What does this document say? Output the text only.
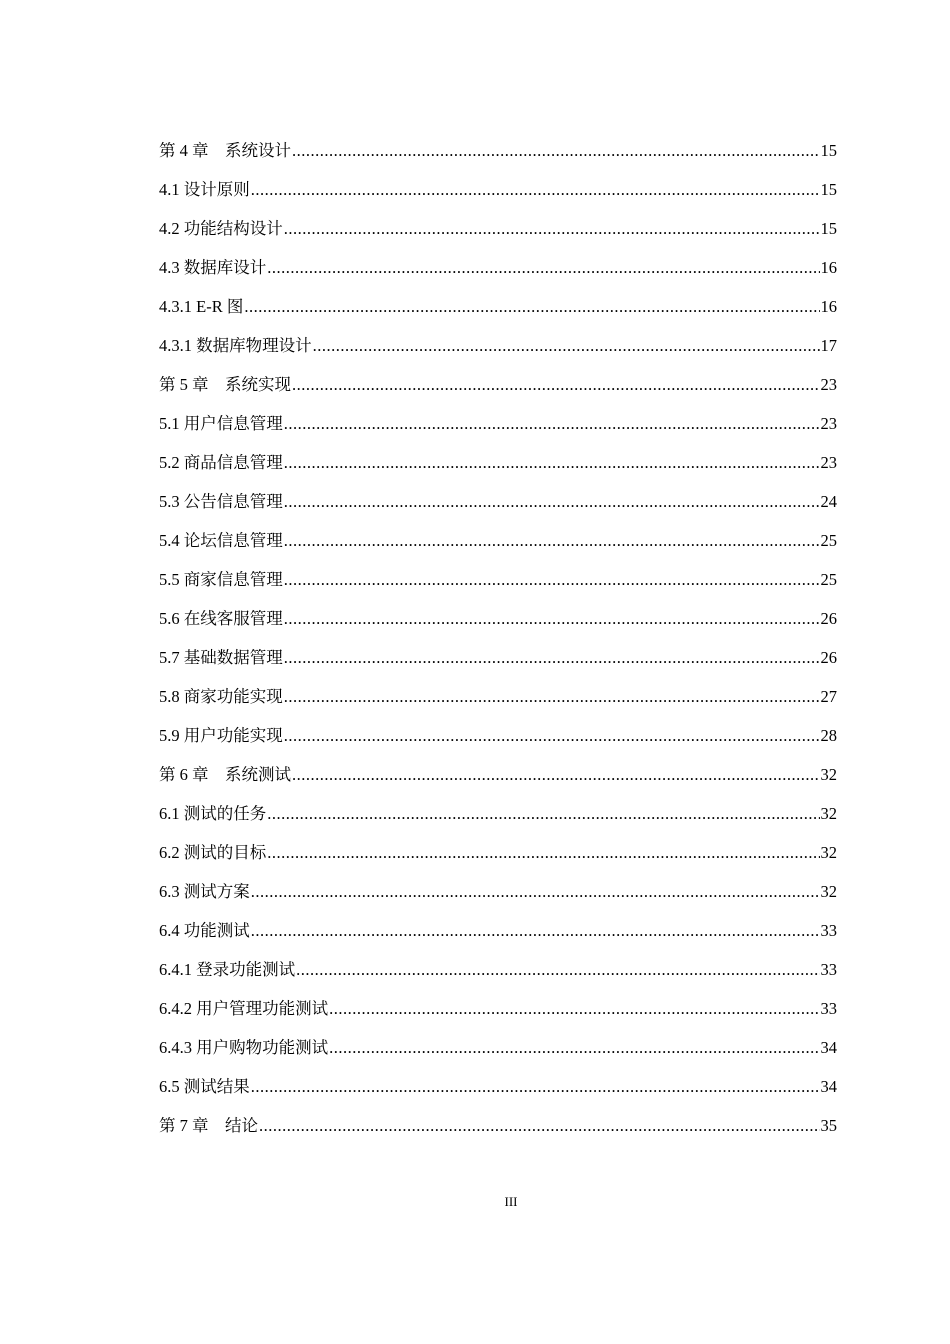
第 4 章　系统设计 .....	15
4.1 设计原则 .....	15
4.2 功能结构设计 .....	15
4.3 数据库设计 .....	16
4.3.1 E-R 图 .....	16
4.3.1 数据库物理设计 .....	17
第 5 章　系统实现 .....	23
5.1 用户信息管理 .....	23
5.2 商品信息管理 .....	23
5.3 公告信息管理 .....	24
5.4 论坛信息管理 .....	25
5.5 商家信息管理 .....	25
5.6 在线客服管理 .....	26
5.7 基础数据管理 .....	26
5.8 商家功能实现 .....	27
5.9 用户功能实现 .....	28
第 6 章　系统测试 .....	32
6.1 测试的任务 .....	32
6.2 测试的目标 .....	32
6.3 测试方案 .....	32
6.4 功能测试 .....	33
6.4.1 登录功能测试 .....	33
6.4.2 用户管理功能测试 .....	33
6.4.3 用户购物功能测试 .....	34
6.5 测试结果 .....	34
第 7 章　结论 .....	35
III
